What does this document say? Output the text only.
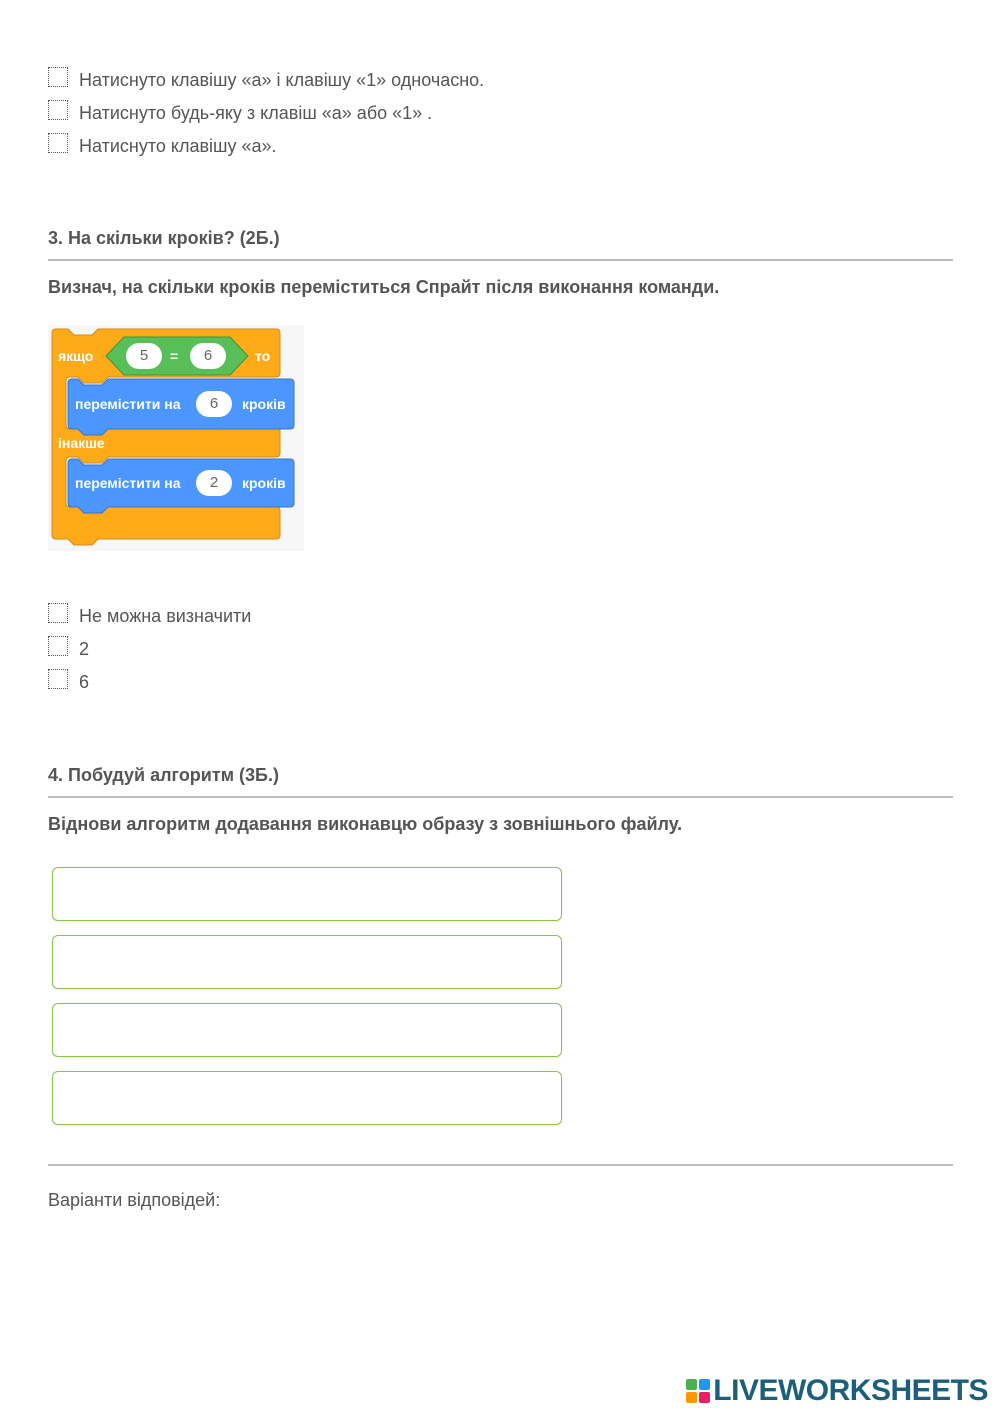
Натиснуто клавішу «a» і клавішу «1» одночасно.
Натиснуто будь-яку з клавіш «a» або «1» .
Натиснуто клавішу «a».
3. На скільки кроків? (2Б.)
Визнач, на скільки кроків переміститься Спрайт після виконання команди.
якщо	5	=	6	то
перемістити на	6	кроків
інакше
перемістити на	2	кроків
Не можна визначити
2
6
4. Побудуй алгоритм (3Б.)
Віднови алгоритм додавання виконавцю образу з зовнішнього файлу.
Варіанти відповідей:
LIVEWORKSHEETS
